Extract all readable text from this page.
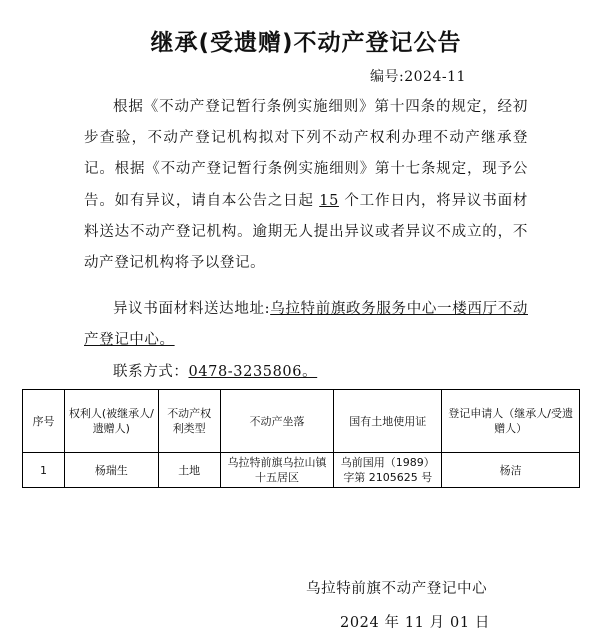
继承(受遗赠)不动产登记公告
编号:2024-11

根据《不动产登记暂行条例实施细则》第十四条的规定，经初步查验，不动产登记机构拟对下列不动产权利办理不动产继承登记。根据《不动产登记暂行条例实施细则》第十七条规定，现予公告。如有异议，请自本公告之日起 15 个工作日内，将异议书面材料送达不动产登记机构。逾期无人提出异议或者异议不成立的，不动产登记机构将予以登记。

异议书面材料送达地址:乌拉特前旗政务服务中心一楼西厅不动产登记中心。

联系方式：0478-3235806。
序号	权利人(被继承人/遗赠人)	不动产权利类型	不动产坐落	国有土地使用证	登记申请人（继承人/受遗赠人）
1	杨瑞生	土地	乌拉特前旗乌拉山镇十五居区	乌前国用（1989）字第 2105625 号	杨洁
乌拉特前旗不动产登记中心
2024 年 11 月 01 日
